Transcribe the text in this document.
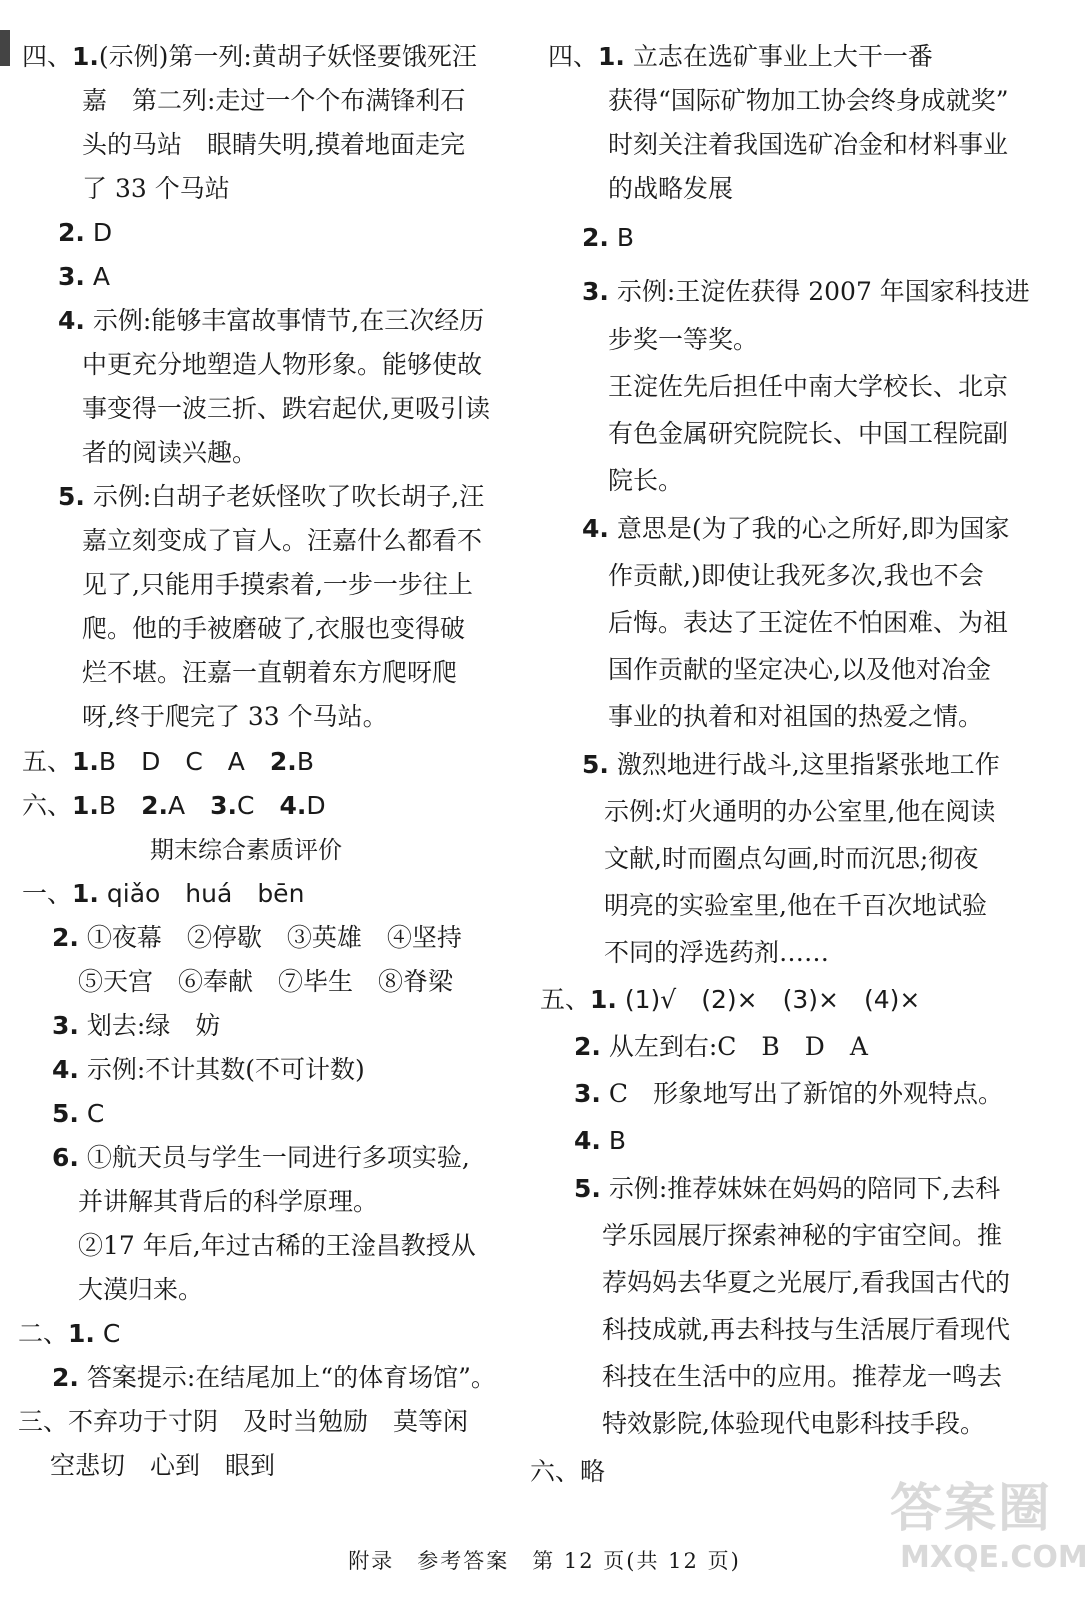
四、1.(示例)第一列:黄胡子妖怪要饿死汪
嘉　第二列:走过一个个布满锋利石
头的马站　眼睛失明,摸着地面走完
了 33 个马站
2. D
3. A
4. 示例:能够丰富故事情节,在三次经历
中更充分地塑造人物形象。能够使故
事变得一波三折、跌宕起伏,更吸引读
者的阅读兴趣。
5. 示例:白胡子老妖怪吹了吹长胡子,汪
嘉立刻变成了盲人。汪嘉什么都看不
见了,只能用手摸索着,一步一步往上
爬。他的手被磨破了,衣服也变得破
烂不堪。汪嘉一直朝着东方爬呀爬
呀,终于爬完了 33 个马站。
五、1.B　D　C　A　 2.B
六、1.B　 2.A　 3.C　 4.D
期末综合素质评价
一、1. qiǎo　huá　bēn
2. ①夜幕　②停歇　③英雄　④坚持
⑤天宫　⑥奉献　⑦毕生　⑧脊梁
3. 划去:绿　妨
4. 示例:不计其数(不可计数)
5. C
6. ①航天员与学生一同进行多项实验,
并讲解其背后的科学原理。
②17 年后,年过古稀的王淦昌教授从
大漠归来。
二、1. C
2. 答案提示:在结尾加上“的体育场馆”。
三、不弃功于寸阴　及时当勉励　莫等闲
空悲切　心到　眼到
四、1. 立志在选矿事业上大干一番
获得“国际矿物加工协会终身成就奖”
时刻关注着我国选矿冶金和材料事业
的战略发展
2. B
3. 示例:王淀佐获得 2007 年国家科技进
步奖一等奖。
王淀佐先后担任中南大学校长、北京
有色金属研究院院长、中国工程院副
院长。
4. 意思是(为了我的心之所好,即为国家
作贡献,)即使让我死多次,我也不会
后悔。表达了王淀佐不怕困难、为祖
国作贡献的坚定决心,以及他对冶金
事业的执着和对祖国的热爱之情。
5. 激烈地进行战斗,这里指紧张地工作
示例:灯火通明的办公室里,他在阅读
文献,时而圈点勾画,时而沉思;彻夜
明亮的实验室里,他在千百次地试验
不同的浮选药剂……
五、1. (1)√　(2)×　(3)×　(4)×
2. 从左到右:C　B　D　A
3. C　形象地写出了新馆的外观特点。
4. B
5. 示例:推荐妹妹在妈妈的陪同下,去科
学乐园展厅探索神秘的宇宙空间。推
荐妈妈去华夏之光展厅,看我国古代的
科技成就,再去科技与生活展厅看现代
科技在生活中的应用。推荐龙一鸣去
特效影院,体验现代电影科技手段。
六、略
附录　参考答案　第 12 页(共 12 页)
答案圈
MXQE.COM
